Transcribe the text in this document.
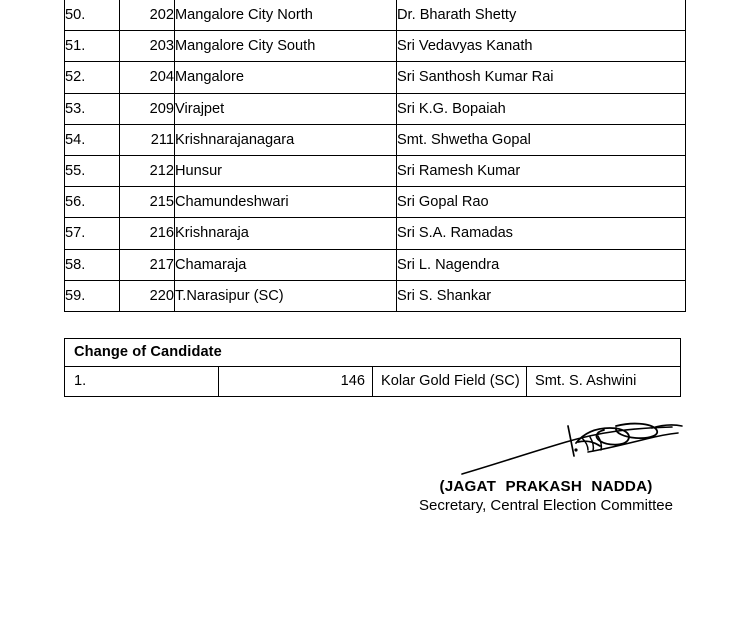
50.	202	Mangalore City North	Dr. Bharath Shetty
51.	203	Mangalore City South	Sri Vedavyas Kanath
52.	204	Mangalore	Sri Santhosh Kumar Rai
53.	209	Virajpet	Sri K.G. Bopaiah
54.	211	Krishnarajanagara	Smt. Shwetha Gopal
55.	212	Hunsur	Sri Ramesh Kumar
56.	215	Chamundeshwari	Sri Gopal Rao
57.	216	Krishnaraja	Sri S.A. Ramadas
58.	217	Chamaraja	Sri L. Nagendra
59.	220	T.Narasipur (SC)	Sri S. Shankar
Change of Candidate
1.	146	Kolar Gold Field (SC)	Smt. S. Ashwini
(JAGAT PRAKASH NADDA)
Secretary, Central Election Committee
